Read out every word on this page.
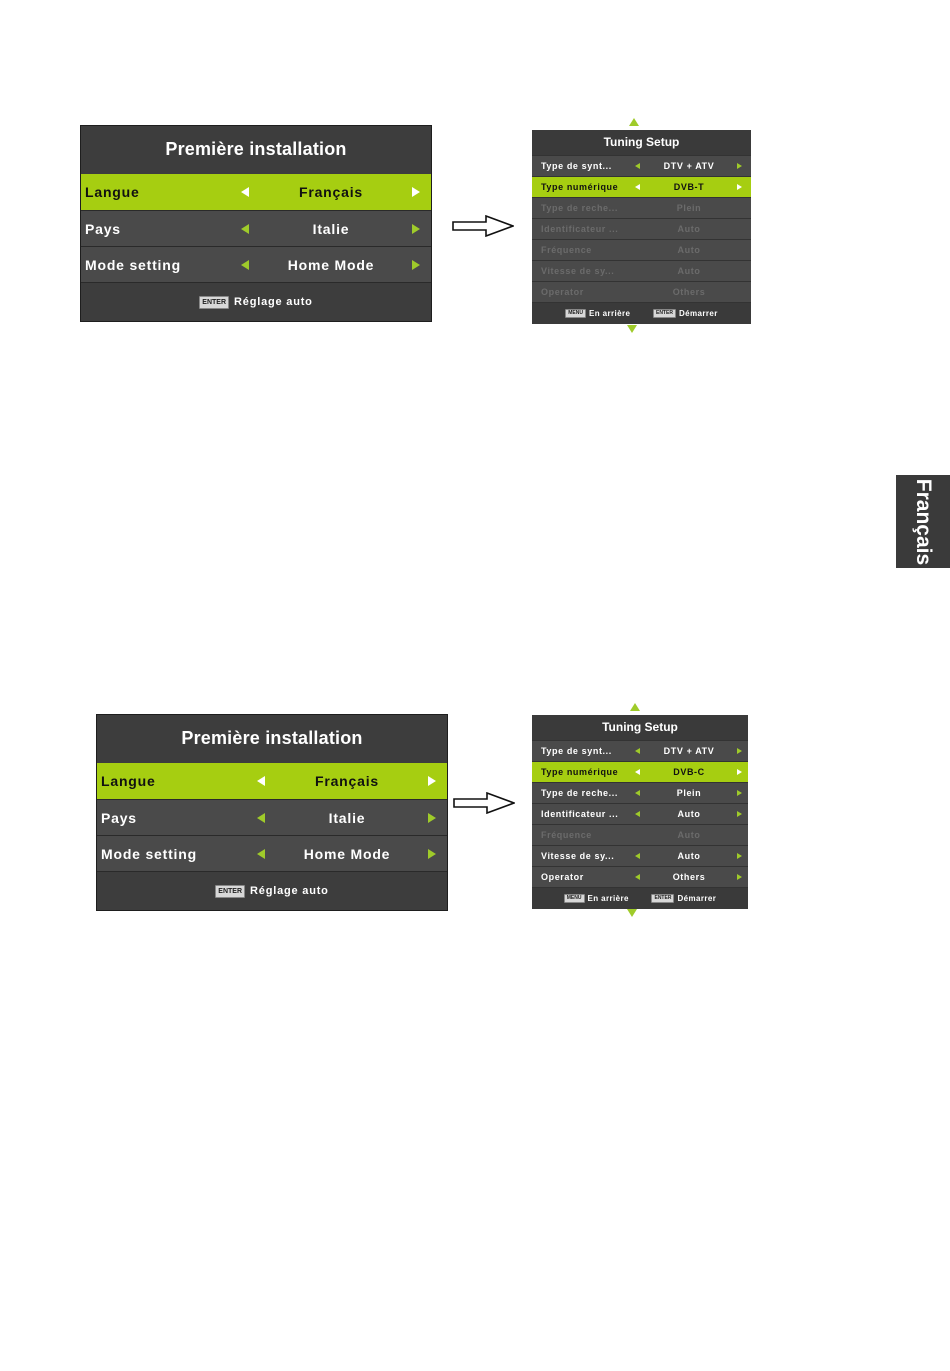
Première installation
Langue	Français
Pays	Italie
Mode setting	Home Mode
ENTER Réglage auto
Tuning Setup
Type de synt...	DTV + ATV
Type numérique	DVB-T
Type de reche...	Plein
Identificateur ...	Auto
Fréquence	Auto
Vitesse de sy...	Auto
Operator	Others
MENU En arrière	ENTER Démarrer
Français
Première installation
Langue	Français
Pays	Italie
Mode setting	Home Mode
ENTER Réglage auto
Tuning Setup
Type de synt...	DTV + ATV
Type numérique	DVB-C
Type de reche...	Plein
Identificateur ...	Auto
Fréquence	Auto
Vitesse de sy...	Auto
Operator	Others
MENU En arrière	ENTER Démarrer
